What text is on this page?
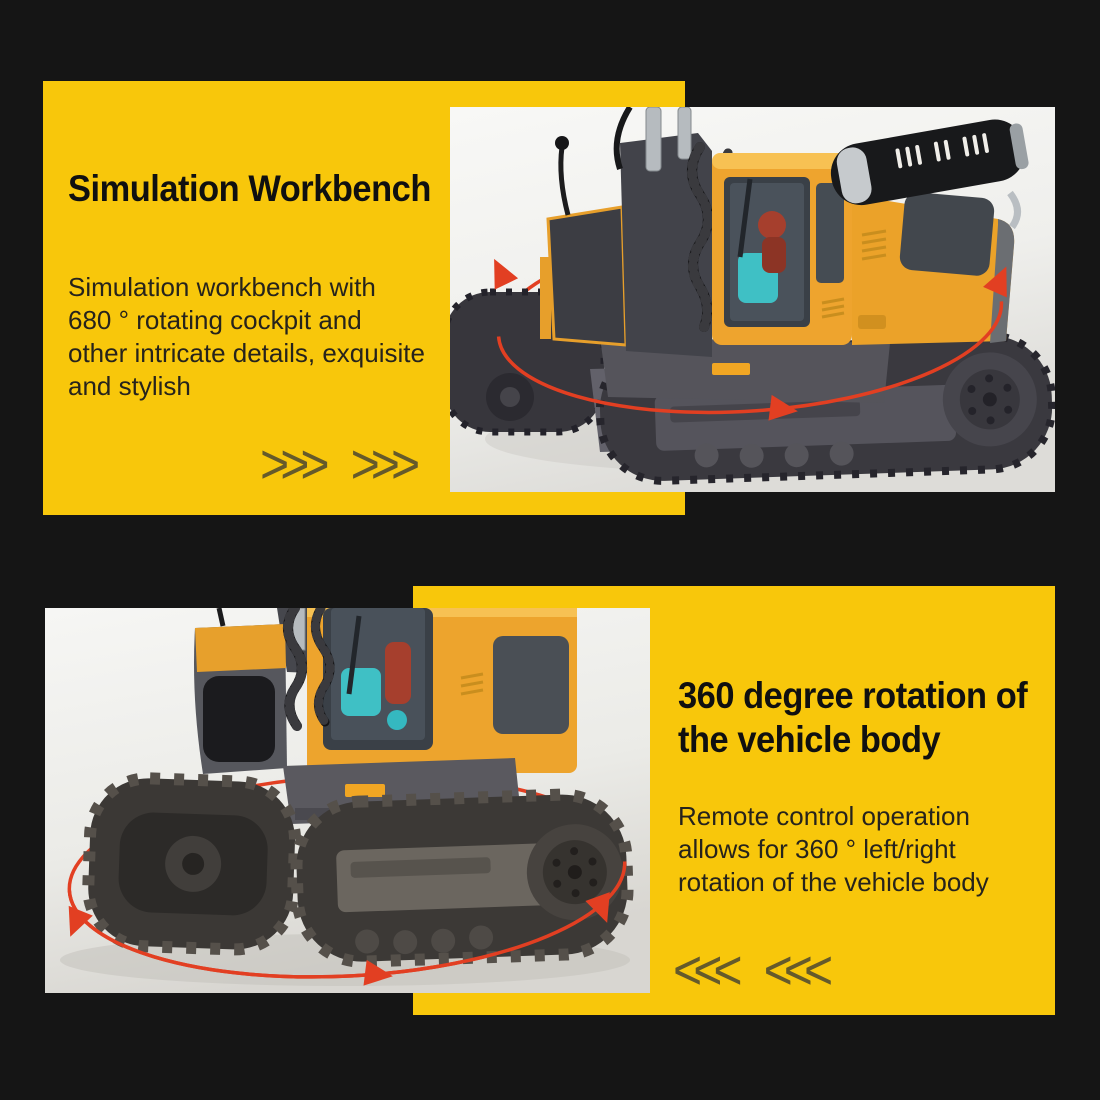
Simulation Workbench
Simulation workbench with
680 ° rotating cockpit and
other intricate details, exquisite
and stylish
>>> >>>
360 degree rotation of
the vehicle body
Remote control operation
allows for 360 ° left/right
rotation of the vehicle body
<<< <<<
